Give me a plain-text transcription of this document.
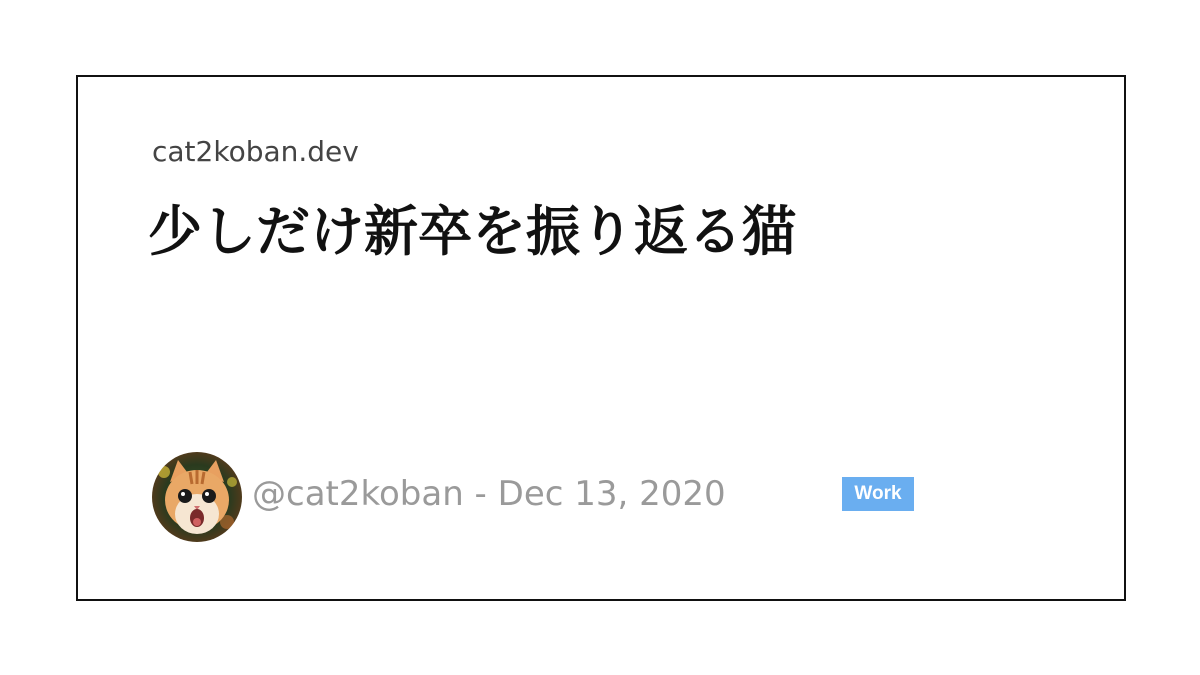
cat2koban.dev
少しだけ新卒を振り返る猫
@cat2koban - Dec 13, 2020	Work
